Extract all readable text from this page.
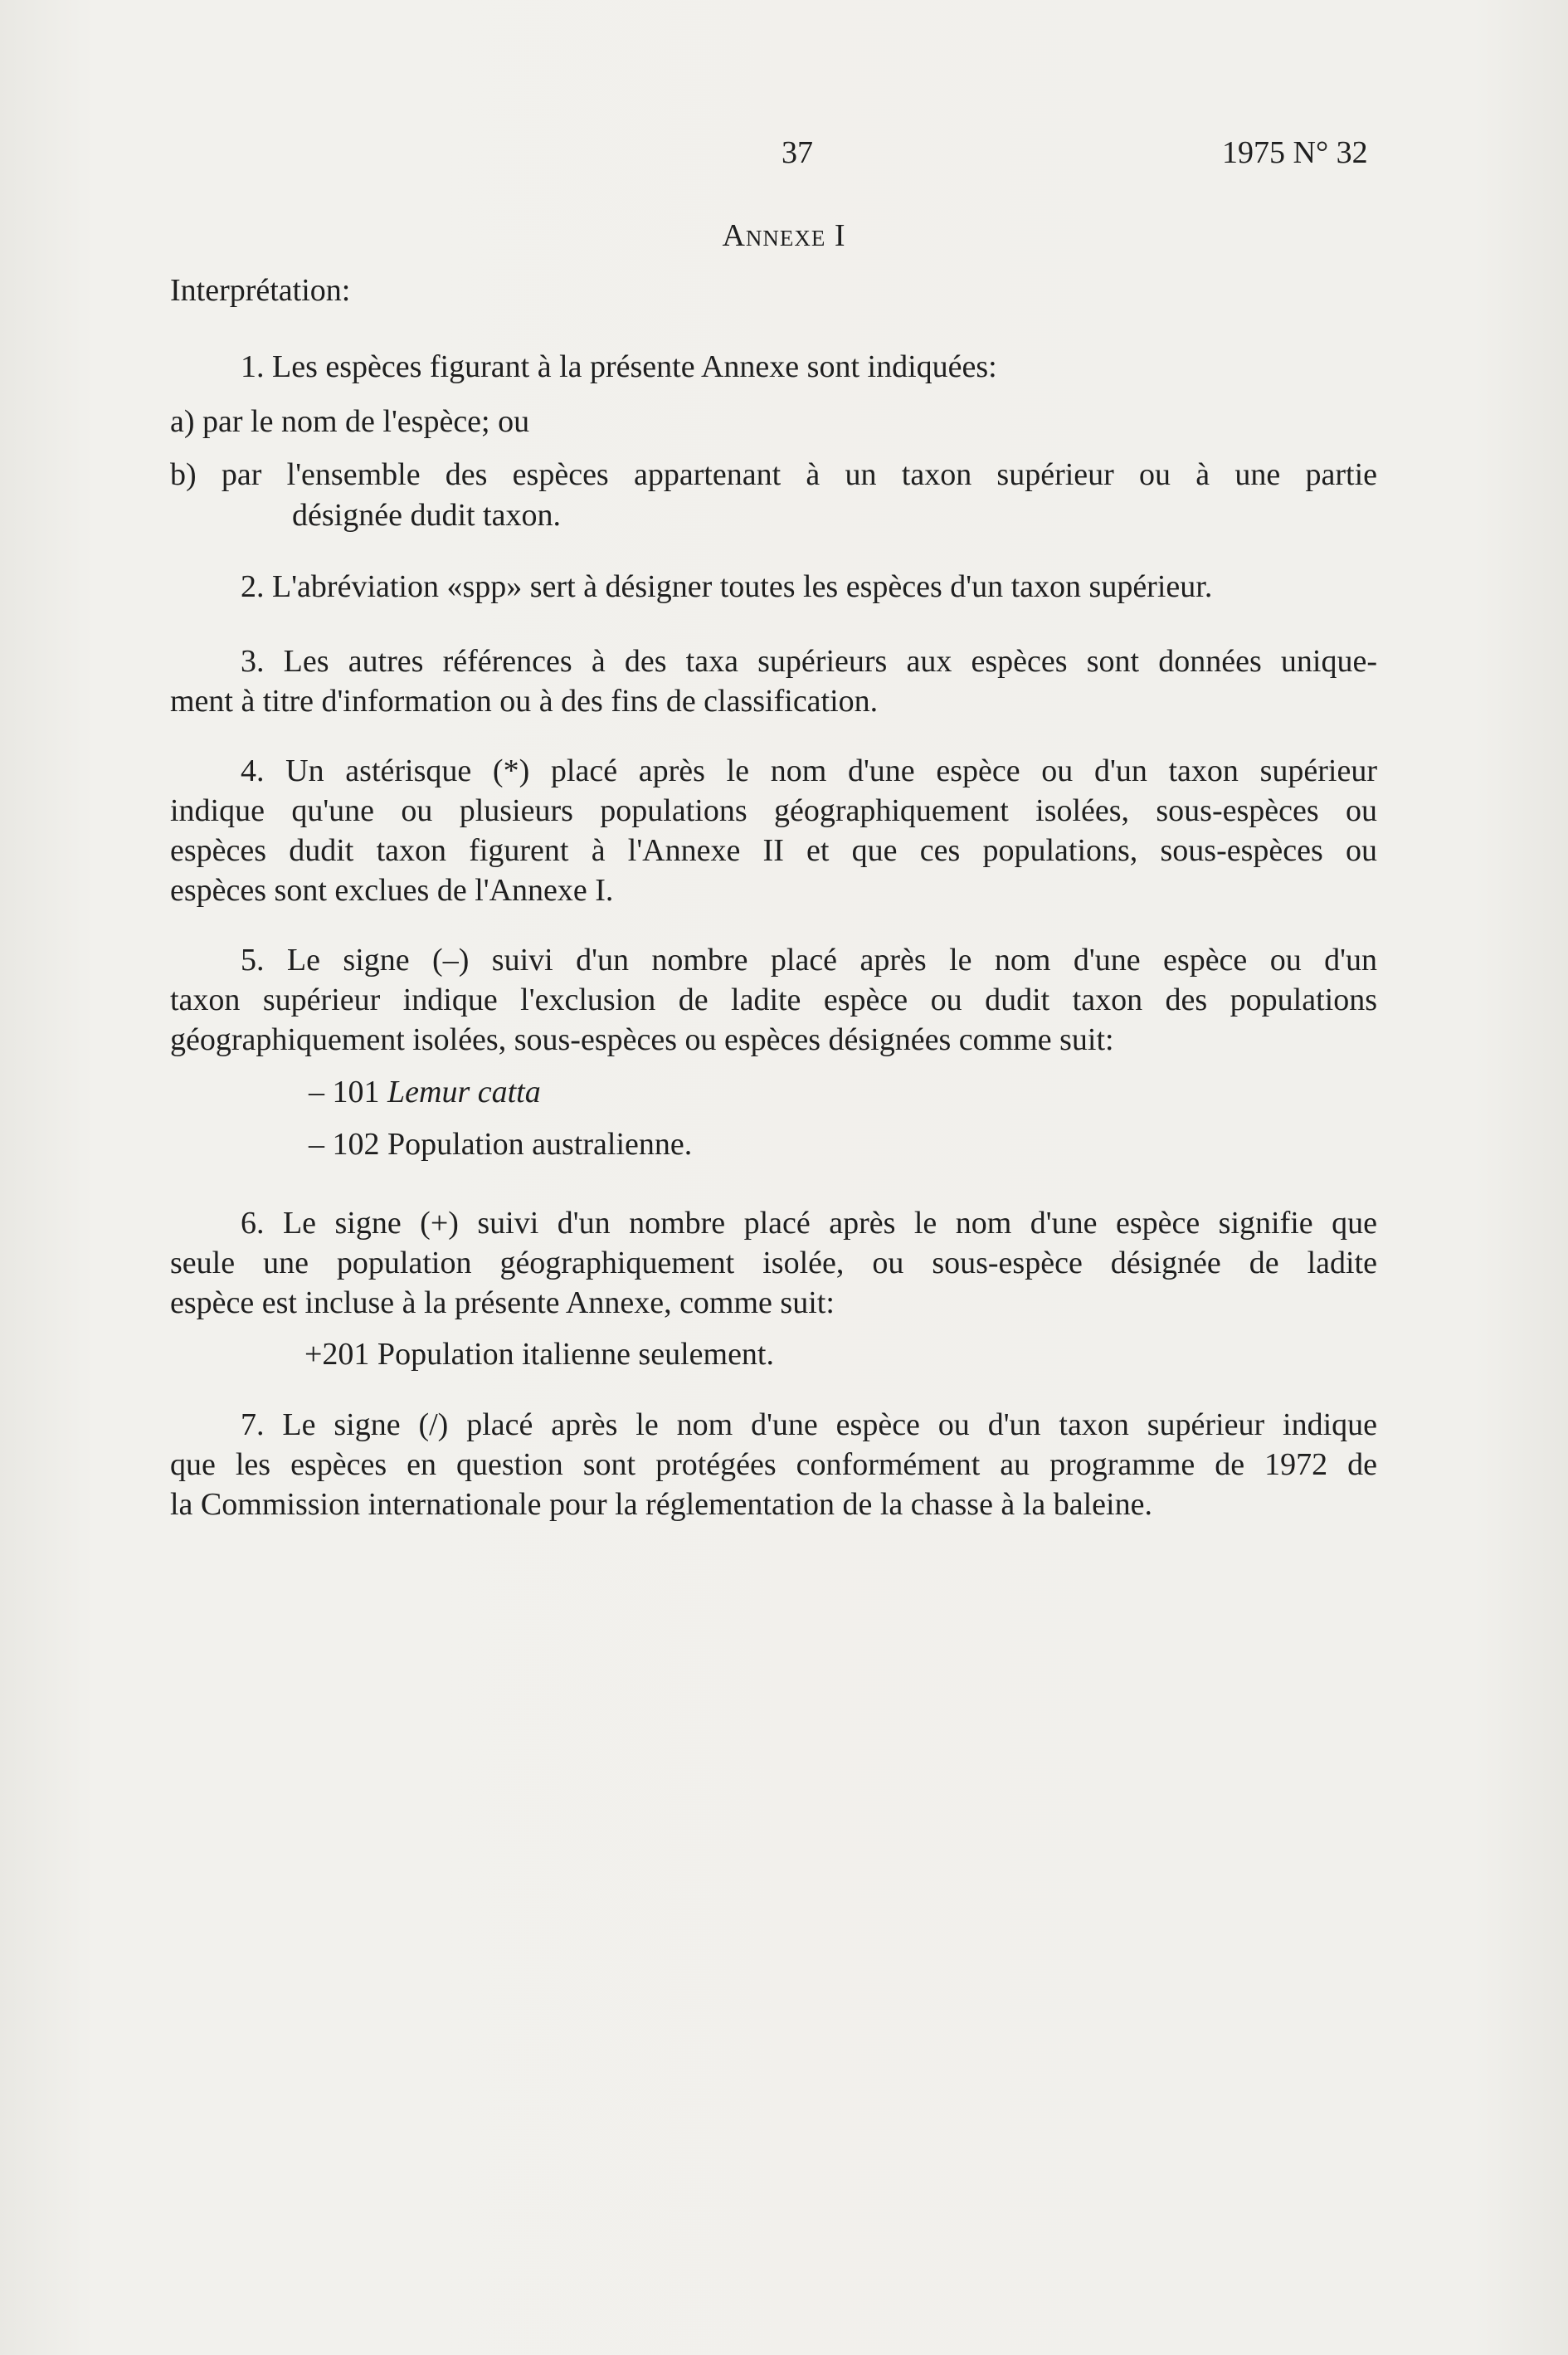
37	1975 N° 32
Annexe I
Interprétation:
1. Les espèces figurant à la présente Annexe sont indiquées:
a) par le nom de l'espèce; ou
b) par l'ensemble des espèces appartenant à un taxon supérieur ou à une partie
désignée dudit taxon.
2. L'abréviation «spp» sert à désigner toutes les espèces d'un taxon supérieur.
3. Les autres références à des taxa supérieurs aux espèces sont données unique-
ment à titre d'information ou à des fins de classification.
4. Un astérisque (*) placé après le nom d'une espèce ou d'un taxon supérieur
indique qu'une ou plusieurs populations géographiquement isolées, sous-espèces ou
espèces dudit taxon figurent à l'Annexe II et que ces populations, sous-espèces ou
espèces sont exclues de l'Annexe I.
5. Le signe (–) suivi d'un nombre placé après le nom d'une espèce ou d'un
taxon supérieur indique l'exclusion de ladite espèce ou dudit taxon des populations
géographiquement isolées, sous-espèces ou espèces désignées comme suit:
– 101 Lemur catta
– 102 Population australienne.
6. Le signe (+) suivi d'un nombre placé après le nom d'une espèce signifie que
seule une population géographiquement isolée, ou sous-espèce désignée de ladite
espèce est incluse à la présente Annexe, comme suit:
+201 Population italienne seulement.
7. Le signe (/) placé après le nom d'une espèce ou d'un taxon supérieur indique
que les espèces en question sont protégées conformément au programme de 1972 de
la Commission internationale pour la réglementation de la chasse à la baleine.
